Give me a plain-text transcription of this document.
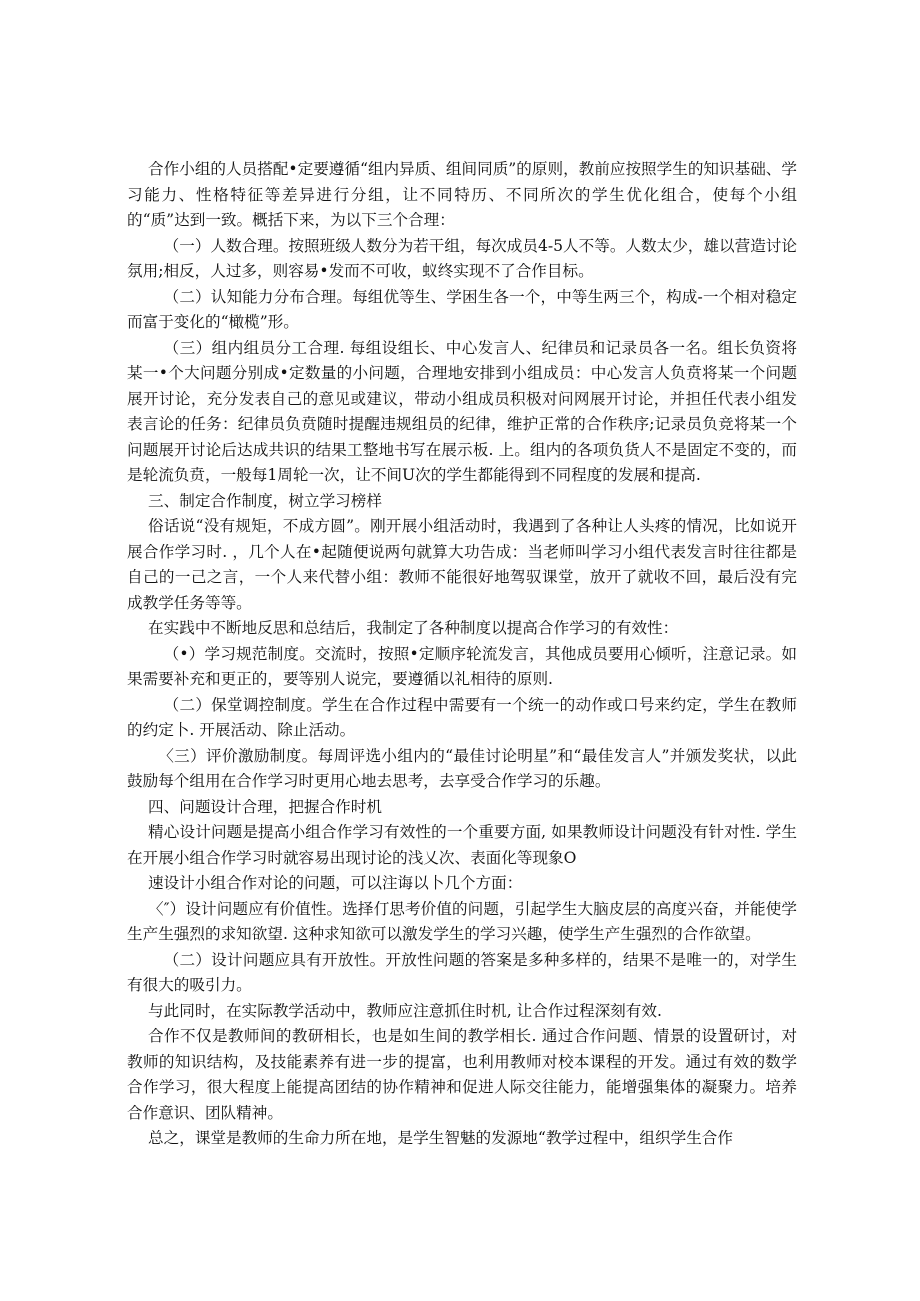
合作小组的人员搭配•定要遵循“组内异质、组间同质”的原则，教前应按照学生的知识基础、学习能力、性格特征等差异进行分组，让不同特历、不同所次的学生优化组合，使每个小组的“质”达到一致。概括下来，为以下三个合理：

（一）人数合理。按照班级人数分为若干组，每次成员4-5人不等。人数太少，雄以营造讨论氛用;相反，人过多，则容易•发而不可收，蚁终实现不了合作目标。

（二）认知能力分布合理。每组优等生、学困生各一个，中等生两三个，构成-一个相对稳定而富于变化的“橄榄”形。

（三）组内组员分工合理. 每组设组长、中心发言人、纪律员和记录员各一名。组长负资将某一•个大问题分别成•定数量的小问题，合理地安排到小组成员：中心发言人负贲将某一个问题展开讨论，充分发表自己的意见或建议，带动小组成员积极对问网展开讨论，并担任代表小组发表言论的任务：纪律员负贲随时提醒违规组员的纪律，维护正常的合作秩序;记录员负竞将某一个问题展开讨论后达成共识的结果工整地书写在展示板. 上。组内的各项负货人不是固定不变的，而是轮流负贲，一般每1周轮一次，让不间U次的学生都能得到不同程度的发展和提高.

三、制定合作制度，树立学习榜样

俗话说“没有规矩，不成方圆”。刚开展小组活动时，我遇到了各种让人头疼的情况，比如说开展合作学习时. ，几个人在•起随便说两句就算大功告成：当老师叫学习小组代表发言时往往都是自己的一己之言，一个人来代替小组：教师不能很好地驾驭课堂，放开了就收不回，最后没有完成教学任务等等。

在实践中不断地反思和总结后，我制定了各种制度以提高合作学习的有效性：

（•）学习规范制度。交流时，按照•定顺序轮流发言，其他成员要用心倾听，注意记录。如果需要补充和更正的，要等别人说完，要遵循以礼相待的原则.

（二）保堂调控制度。学生在合作过程中需要有一个统一的动作或口号来约定，学生在教师的约定卜. 开展活动、除止活动。

〈三）评价激励制度。每周评选小组内的“最佳讨论明星”和“最佳发言人”并颁发奖状，以此鼓励每个组用在合作学习时更用心地去思考，去享受合作学习的乐趣。

四、问题设计合理，把握合作时机

精心设计问题是提高小组合作学习有效性的一个重要方面, 如果教师设计问题没有针对性. 学生在开展小组合作学习时就容易出现讨论的浅乂次、表面化等现象O

速设计小组合作对论的问题，可以注诲以卜几个方面：

〈″）设计问题应有价值性。选择仃思考价值的问题，引起学生大脑皮层的高度兴奋，并能使学生产生强烈的求知欲望. 这种求知欲可以激发学生的学习兴趣，使学生产生强烈的合作欲望。

（二）设计问题应具有开放性。开放性问题的答案是多种多样的，结果不是唯一的，对学生有很大的吸引力。

与此同时，在实际教学活动中，教师应注意抓住时机, 让合作过程深刻有效.

合作不仅是教师间的教研相长，也是如生间的教学相长. 通过合作问题、情景的设置研讨，对教师的知识结构，及技能素养有进一步的提富，也利用教师对校本课程的开发。通过有效的数学合作学习，很大程度上能提高团结的协作精神和促进人际交往能力，能增强集体的凝聚力。培养合作意识、团队精神。

总之，课堂是教师的生命力所在地，是学生智魅的发源地“教学过程中，组织学生合作
